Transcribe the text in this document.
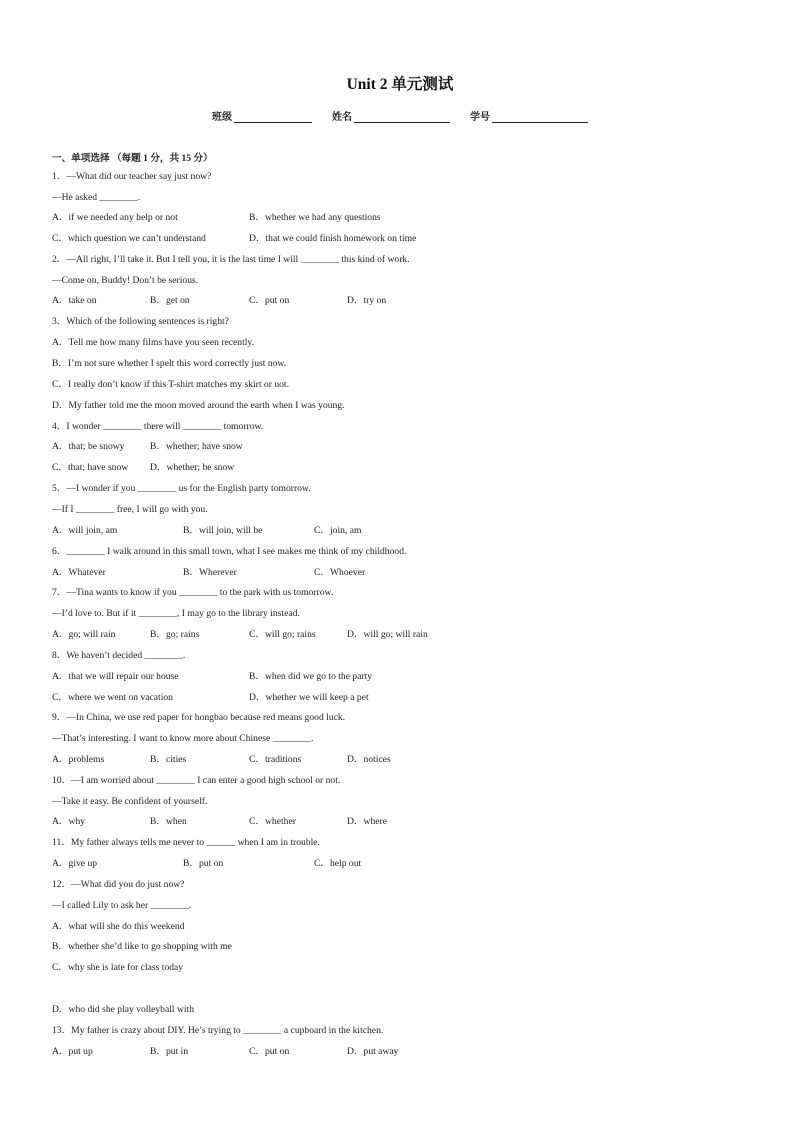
Unit 2 单元测试
班级	姓名	学号
一、单项选择 （每题 1 分，共 15 分）
1．—What did our teacher say just now?
—He asked ________.
A．if we needed any help or not	B．whether we had any questions
C．which question we can’t understand	D．that we could finish homework on time
2．—All right, I’ll take it. But I tell you, it is the last time I will ________ this kind of work.
—Come on, Buddy! Don’t be serious.
A．take on	B．get on	C．put on	D．try on
3．Which of the following sentences is right?
A．Tell me how many films have you seen recently.
B．I’m not sure whether I spelt this word correctly just now.
C．I really don’t know if this T-shirt matches my skirt or not.
D．My father told me the moon moved around the earth when I was young.
4．I wonder ________ there will ________ tomorrow.
A．that; be snowy	B．whether; have snow
C．that; have snow D．whether; be snow
5．—I wonder if you ________ us for the English party tomorrow.
—If I ________ free, I will go with you.
A．will join, am	B．will join, will be	C．join, am
6．________ I walk around in this small town, what I see makes me think of my childhood.
A．Whatever	B．Wherever	C．Whoever
7．—Tina wants to know if you ________ to the park with us tomorrow.
—I’d love to. But if it ________, I may go to the library instead.
A．go; will rain	B．go; rains	C．will go; rains	D．will go; will rain
8．We haven’t decided ________.
A．that we will repair our house	B．when did we go to the party
C．where we went on vacation	D．whether we will keep a pet
9．—In China, we use red paper for hongbao because red means good luck.
—That’s interesting. I want to know more about Chinese ________.
A．problems	B．cities	C．traditions	D．notices
10．—I am worried about ________ I can enter a good high school or not.
—Take it easy. Be confident of yourself.
A．why	B．when	C．whether	D．where
11．My father always tells me never to ______ when I am in trouble.
A．give up	B．put on	C．help out
12．—What did you do just now?
—I called Lily to ask her ________.
A．what will she do this weekend
B．whether she’d like to go shopping with me
C．why she is late for class today
D．who did she play volleyball with
13．My father is crazy about DIY. He’s trying to ________ a cupboard in the kitchen.
A．put up	B．put in	C．put on	D．put away
